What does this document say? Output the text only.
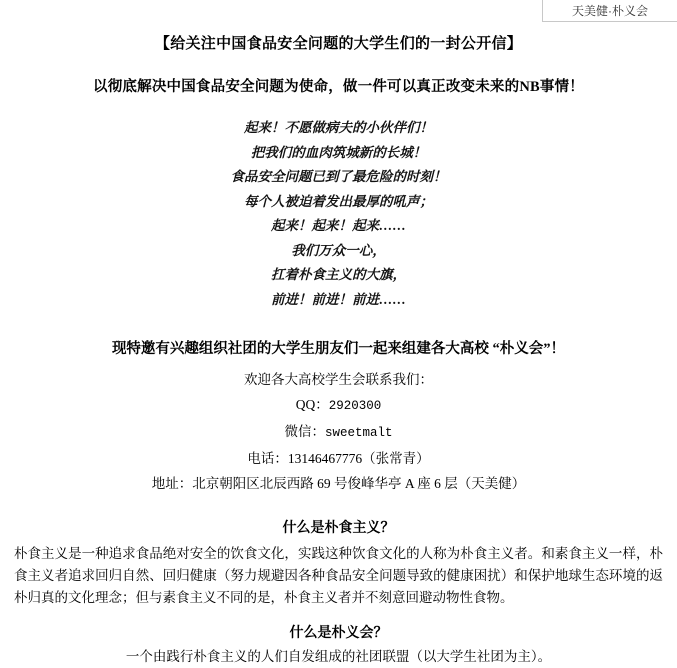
天美健·朴义会
【给关注中国食品安全问题的大学生们的一封公开信】
以彻底解决中国食品安全问题为使命，做一件可以真正改变未来的NB事情！
起来！不愿做病夫的小伙伴们！
把我们的血肉筑城新的长城！
食品安全问题已到了最危险的时刻！
每个人被迫着发出最厚的吼声；
起来！起来！起来……
我们万众一心，
扛着朴食主义的大旗，
前进！前进！前进……
现特邀有兴趣组织社团的大学生朋友们一起来组建各大高校 “朴义会”！
欢迎各大高校学生会联系我们：
QQ：2920300
微信：sweetmalt
电话：13146467776（张常青）
地址：北京朝阳区北辰西路 69 号俊峰华亭 A 座 6 层（天美健）
什么是朴食主义？
朴食主义是一种追求食品绝对安全的饮食文化，实践这种饮食文化的人称为朴食主义者。和素食主义一样，朴食主义者追求回归自然、回归健康（努力规避因各种食品安全问题导致的健康困扰）和保护地球生态环境的返朴归真的文化理念；但与素食主义不同的是，朴食主义者并不刻意回避动物性食物。
什么是朴义会？
一个由践行朴食主义的人们自发组成的社团联盟（以大学生社团为主）。
